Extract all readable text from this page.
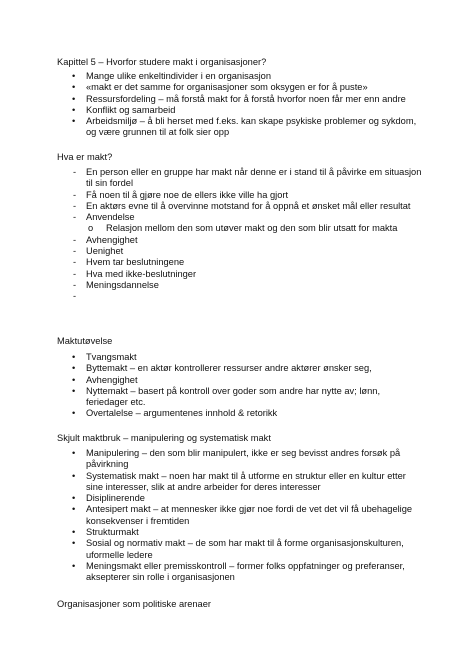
Kapittel 5 – Hvorfor studere makt i organisasjoner?
•	Mange ulike enkeltindivider i en organisasjon
•	«makt er det samme for organisasjoner som oksygen er for å puste»
•	Ressursfordeling – må forstå makt for å forstå hvorfor noen får mer enn andre
•	Konflikt og samarbeid
•	Arbeidsmiljø – å bli herset med f.eks. kan skape psykiske problemer og sykdom, og være grunnen til at folk sier opp
Hva er makt?
-	En person eller en gruppe har makt når denne er i stand til å påvirke em situasjon til sin fordel
-	Få noen til å gjøre noe de ellers ikke ville ha gjort
-	En aktørs evne til å overvinne motstand for å oppnå et ønsket mål eller resultat
-	Anvendelse
o	Relasjon mellom den som utøver makt og den som blir utsatt for makta
-	Avhengighet
-	Uenighet
-	Hvem tar beslutningene
-	Hva med ikke-beslutninger
-	Meningsdannelse
-

Maktutøvelse
•	Tvangsmakt
•	Byttemakt – en aktør kontrollerer ressurser andre aktører ønsker seg,
•	Avhengighet
•	Nyttemakt – basert på kontroll over goder som andre har nytte av; lønn, feriedager etc.
•	Overtalelse – argumentenes innhold & retorikk
Skjult maktbruk – manipulering og systematisk makt
•	Manipulering – den som blir manipulert, ikke er seg bevisst andres forsøk på påvirkning
•	Systematisk makt – noen har makt til å utforme en struktur eller en kultur etter sine interesser, slik at andre arbeider for deres interesser
•	Disiplinerende
•	Antesipert makt – at mennesker ikke gjør noe fordi de vet det vil få ubehagelige konsekvenser i fremtiden
•	Strukturmakt
•	Sosial og normativ makt – de som har makt til å forme organisasjonskulturen, uformelle ledere
•	Meningsmakt eller premisskontroll – former folks oppfatninger og preferanser, aksepterer sin rolle i organisasjonen
Organisasjoner som politiske arenaer
